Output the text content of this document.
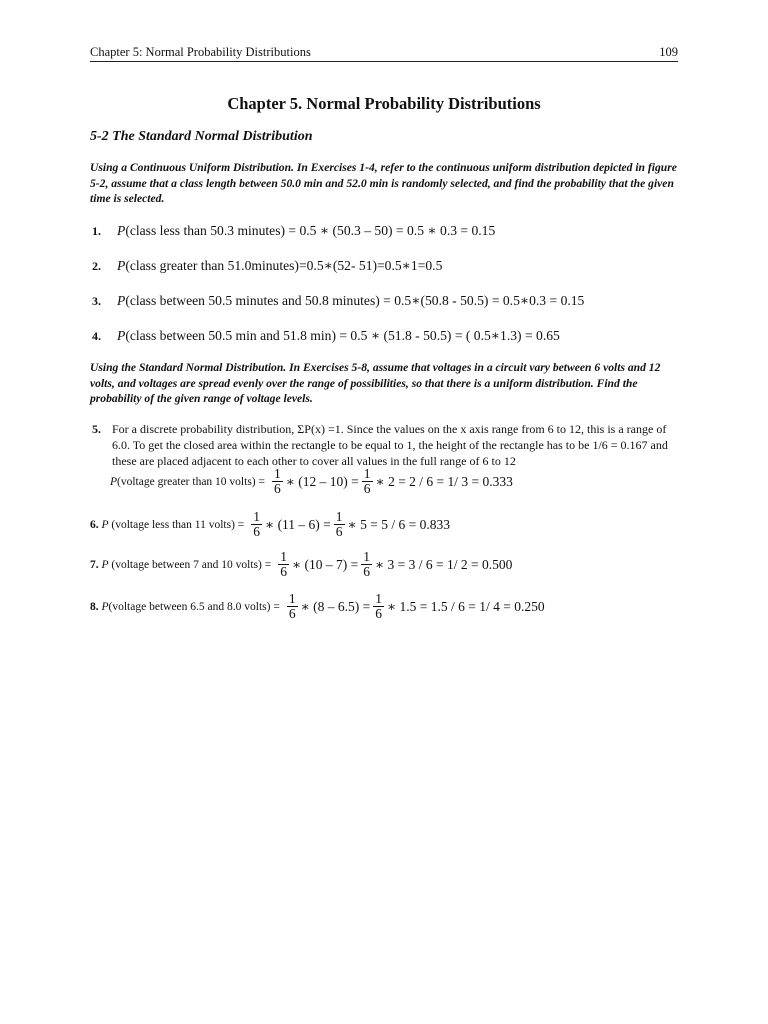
Chapter 5: Normal Probability Distributions	109
Chapter 5. Normal Probability Distributions
5-2 The Standard Normal Distribution
Using a Continuous Uniform Distribution. In Exercises 1-4, refer to the continuous uniform distribution depicted in figure 5-2, assume that a class length between 50.0 min and 52.0 min is randomly selected, and find the probability that the given time is selected.
1. P(class less than 50.3 minutes) = 0.5 ∗ (50.3 – 50) = 0.5 ∗ 0.3 = 0.15
2. P(class greater than 51.0minutes)=0.5∗(52- 51)=0.5∗1=0.5
3. P(class between 50.5 minutes and 50.8 minutes) = 0.5∗(50.8 - 50.5) = 0.5∗0.3 = 0.15
4. P(class between 50.5 min and 51.8 min) = 0.5 ∗ (51.8 - 50.5) = ( 0.5∗1.3) = 0.65
Using the Standard Normal Distribution. In Exercises 5-8, assume that voltages in a circuit vary between 6 volts and 12 volts, and voltages are spread evenly over the range of possibilities, so that there is a uniform distribution. Find the probability of the given range of voltage levels.
5. For a discrete probability distribution, ΣP(x) =1. Since the values on the x axis range from 6 to 12, this is a range of 6.0. To get the closed area within the rectangle to be equal to 1, the height of the rectangle has to be 1/6 = 0.167 and these are placed adjacent to each other to cover all values in the full range of 6 to 12
P(voltage greater than 10 volts) = $\frac{1}{6}$ ∗ $(12 - 10) = \frac{1}{6}$ ∗ 2 = 2 / 6 = 1/ 3 = 0.333
6. P (voltage less than 11 volts) = $\frac{1}{6}$ ∗ $(11 - 6) = \frac{1}{6}$ ∗ 5 = 5 / 6 = 0.833
7. P (voltage between 7 and 10 volts) = $\frac{1}{6}$ ∗ $(10 - 7) = \frac{1}{6}$ ∗ 3 = 3 / 6 = 1/ 2 = 0.500
8. P(voltage between 6.5 and 8.0 volts) = $\frac{1}{6}$ ∗ $(8 - 6.5) = \frac{1}{6}$ ∗ 1.5 = 1.5 / 6 = 1/ 4 = 0.250
